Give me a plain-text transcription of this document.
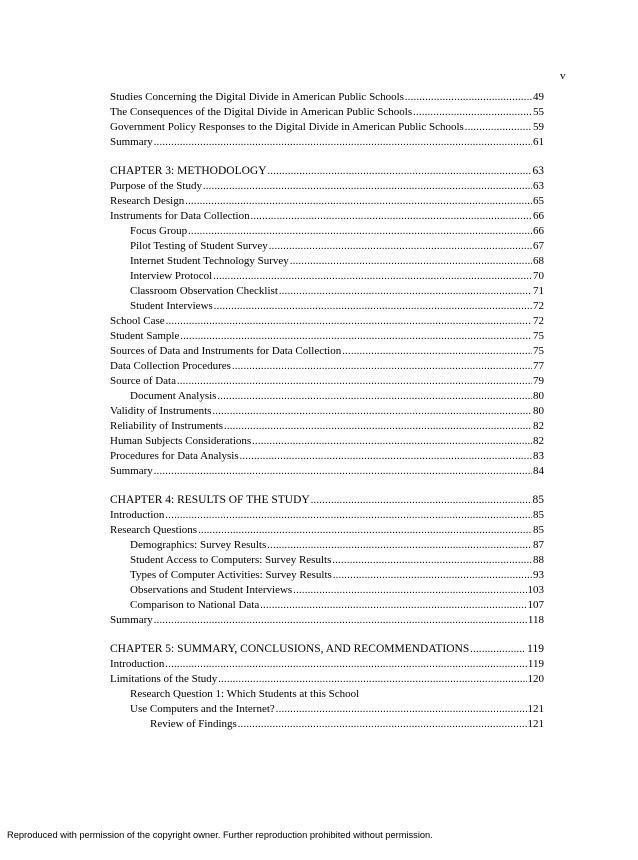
v
Studies Concerning the Digital Divide in American Public Schools .....	49
The Consequences of the Digital Divide in American Public Schools .....	55
Government Policy Responses to the Digital Divide in American Public Schools .....	59
Summary .....	61
CHAPTER 3: METHODOLOGY .....	63
Purpose of the Study .....	63
Research Design .....	65
Instruments for Data Collection .....	66
Focus Group .....	66
Pilot Testing of Student Survey .....	67
Internet Student Technology Survey .....	68
Interview Protocol .....	70
Classroom Observation Checklist .....	71
Student Interviews .....	72
School Case .....	72
Student Sample .....	75
Sources of Data and Instruments for Data Collection .....	75
Data Collection Procedures .....	77
Source of Data .....	79
Document Analysis .....	80
Validity of Instruments .....	80
Reliability of Instruments .....	82
Human Subjects Considerations .....	82
Procedures for Data Analysis .....	83
Summary .....	84
CHAPTER 4: RESULTS OF THE STUDY .....	85
Introduction .....	85
Research Questions .....	85
Demographics: Survey Results .....	87
Student Access to Computers: Survey Results .....	88
Types of Computer Activities: Survey Results .....	93
Observations and Student Interviews .....	103
Comparison to National Data .....	107
Summary .....	118
CHAPTER 5: SUMMARY, CONCLUSIONS, AND RECOMMENDATIONS .....	119
Introduction .....	119
Limitations of the Study .....	120
Research Question 1: Which Students at this School
Use Computers and the Internet? .....	121
Review of Findings .....	121
Reproduced with permission of the copyright owner. Further reproduction prohibited without permission.
